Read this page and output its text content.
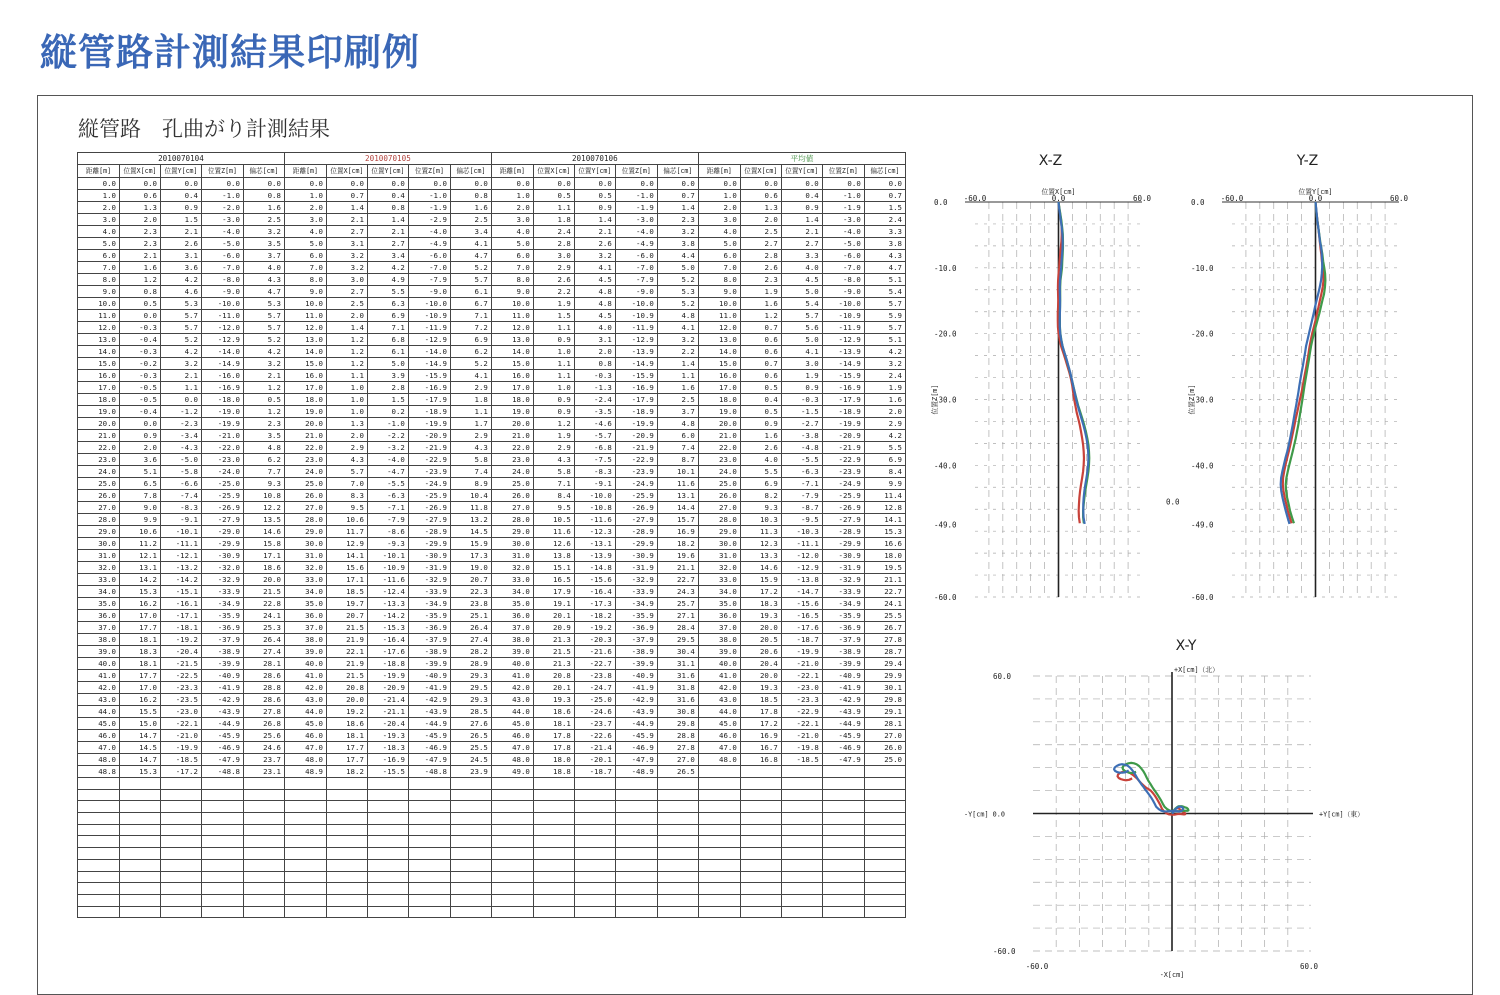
縦管路計測結果印刷例
縦管路　孔曲がり計測結果
2010070104					2010070105					2010070106					平均値				
距離[m]	位置X[cm]	位置Y[cm]	位置Z[m]	偏芯[cm]	距離[m]	位置X[cm]	位置Y[cm]	位置Z[m]	偏芯[cm]	距離[m]	位置X[cm]	位置Y[cm]	位置Z[m]	偏芯[cm]	距離[m]	位置X[cm]	位置Y[cm]	位置Z[m]	偏芯[cm]
0.0	0.0	0.0	0.0	0.0	0.0	0.0	0.0	0.0	0.0	0.0	0.0	0.0	0.0	0.0	0.0	0.0	0.0	0.0	0.0
1.0	0.6	0.4	-1.0	0.8	1.0	0.7	0.4	-1.0	0.8	1.0	0.5	0.5	-1.0	0.7	1.0	0.6	0.4	-1.0	0.7
2.0	1.3	0.9	-2.0	1.6	2.0	1.4	0.8	-1.9	1.6	2.0	1.1	0.9	-1.9	1.4	2.0	1.3	0.9	-1.9	1.5
3.0	2.0	1.5	-3.0	2.5	3.0	2.1	1.4	-2.9	2.5	3.0	1.8	1.4	-3.0	2.3	3.0	2.0	1.4	-3.0	2.4
4.0	2.3	2.1	-4.0	3.2	4.0	2.7	2.1	-4.0	3.4	4.0	2.4	2.1	-4.0	3.2	4.0	2.5	2.1	-4.0	3.3
5.0	2.3	2.6	-5.0	3.5	5.0	3.1	2.7	-4.9	4.1	5.0	2.8	2.6	-4.9	3.8	5.0	2.7	2.7	-5.0	3.8
6.0	2.1	3.1	-6.0	3.7	6.0	3.2	3.4	-6.0	4.7	6.0	3.0	3.2	-6.0	4.4	6.0	2.8	3.3	-6.0	4.3
7.0	1.6	3.6	-7.0	4.0	7.0	3.2	4.2	-7.0	5.2	7.0	2.9	4.1	-7.0	5.0	7.0	2.6	4.0	-7.0	4.7
8.0	1.2	4.2	-8.0	4.3	8.0	3.0	4.9	-7.9	5.7	8.0	2.6	4.5	-7.9	5.2	8.0	2.3	4.5	-8.0	5.1
9.0	0.8	4.6	-9.0	4.7	9.0	2.7	5.5	-9.0	6.1	9.0	2.2	4.8	-9.0	5.3	9.0	1.9	5.0	-9.0	5.4
10.0	0.5	5.3	-10.0	5.3	10.0	2.5	6.3	-10.0	6.7	10.0	1.9	4.8	-10.0	5.2	10.0	1.6	5.4	-10.0	5.7
11.0	0.0	5.7	-11.0	5.7	11.0	2.0	6.9	-10.9	7.1	11.0	1.5	4.5	-10.9	4.8	11.0	1.2	5.7	-10.9	5.9
12.0	-0.3	5.7	-12.0	5.7	12.0	1.4	7.1	-11.9	7.2	12.0	1.1	4.0	-11.9	4.1	12.0	0.7	5.6	-11.9	5.7
13.0	-0.4	5.2	-12.9	5.2	13.0	1.2	6.8	-12.9	6.9	13.0	0.9	3.1	-12.9	3.2	13.0	0.6	5.0	-12.9	5.1
14.0	-0.3	4.2	-14.0	4.2	14.0	1.2	6.1	-14.0	6.2	14.0	1.0	2.0	-13.9	2.2	14.0	0.6	4.1	-13.9	4.2
15.0	-0.2	3.2	-14.9	3.2	15.0	1.2	5.0	-14.9	5.2	15.0	1.1	0.8	-14.9	1.4	15.0	0.7	3.0	-14.9	3.2
16.0	-0.3	2.1	-16.0	2.1	16.0	1.1	3.9	-15.9	4.1	16.0	1.1	-0.3	-15.9	1.1	16.0	0.6	1.9	-15.9	2.4
17.0	-0.5	1.1	-16.9	1.2	17.0	1.0	2.8	-16.9	2.9	17.0	1.0	-1.3	-16.9	1.6	17.0	0.5	0.9	-16.9	1.9
18.0	-0.5	0.0	-18.0	0.5	18.0	1.0	1.5	-17.9	1.8	18.0	0.9	-2.4	-17.9	2.5	18.0	0.4	-0.3	-17.9	1.6
19.0	-0.4	-1.2	-19.0	1.2	19.0	1.0	0.2	-18.9	1.1	19.0	0.9	-3.5	-18.9	3.7	19.0	0.5	-1.5	-18.9	2.0
20.0	0.0	-2.3	-19.9	2.3	20.0	1.3	-1.0	-19.9	1.7	20.0	1.2	-4.6	-19.9	4.8	20.0	0.9	-2.7	-19.9	2.9
21.0	0.9	-3.4	-21.0	3.5	21.0	2.0	-2.2	-20.9	2.9	21.0	1.9	-5.7	-20.9	6.0	21.0	1.6	-3.8	-20.9	4.2
22.0	2.0	-4.3	-22.0	4.8	22.0	2.9	-3.2	-21.9	4.3	22.0	2.9	-6.8	-21.9	7.4	22.0	2.6	-4.8	-21.9	5.5
23.0	3.6	-5.0	-23.0	6.2	23.0	4.3	-4.0	-22.9	5.8	23.0	4.3	-7.5	-22.9	8.7	23.0	4.0	-5.5	-22.9	6.9
24.0	5.1	-5.8	-24.0	7.7	24.0	5.7	-4.7	-23.9	7.4	24.0	5.8	-8.3	-23.9	10.1	24.0	5.5	-6.3	-23.9	8.4
25.0	6.5	-6.6	-25.0	9.3	25.0	7.0	-5.5	-24.9	8.9	25.0	7.1	-9.1	-24.9	11.6	25.0	6.9	-7.1	-24.9	9.9
26.0	7.8	-7.4	-25.9	10.8	26.0	8.3	-6.3	-25.9	10.4	26.0	8.4	-10.0	-25.9	13.1	26.0	8.2	-7.9	-25.9	11.4
27.0	9.0	-8.3	-26.9	12.2	27.0	9.5	-7.1	-26.9	11.8	27.0	9.5	-10.8	-26.9	14.4	27.0	9.3	-8.7	-26.9	12.8
28.0	9.9	-9.1	-27.9	13.5	28.0	10.6	-7.9	-27.9	13.2	28.0	10.5	-11.6	-27.9	15.7	28.0	10.3	-9.5	-27.9	14.1
29.0	10.6	-10.1	-29.0	14.6	29.0	11.7	-8.6	-28.9	14.5	29.0	11.6	-12.3	-28.9	16.9	29.0	11.3	-10.3	-28.9	15.3
30.0	11.2	-11.1	-29.9	15.8	30.0	12.9	-9.3	-29.9	15.9	30.0	12.6	-13.1	-29.9	18.2	30.0	12.3	-11.1	-29.9	16.6
31.0	12.1	-12.1	-30.9	17.1	31.0	14.1	-10.1	-30.9	17.3	31.0	13.8	-13.9	-30.9	19.6	31.0	13.3	-12.0	-30.9	18.0
32.0	13.1	-13.2	-32.0	18.6	32.0	15.6	-10.9	-31.9	19.0	32.0	15.1	-14.8	-31.9	21.1	32.0	14.6	-12.9	-31.9	19.5
33.0	14.2	-14.2	-32.9	20.0	33.0	17.1	-11.6	-32.9	20.7	33.0	16.5	-15.6	-32.9	22.7	33.0	15.9	-13.8	-32.9	21.1
34.0	15.3	-15.1	-33.9	21.5	34.0	18.5	-12.4	-33.9	22.3	34.0	17.9	-16.4	-33.9	24.3	34.0	17.2	-14.7	-33.9	22.7
35.0	16.2	-16.1	-34.9	22.8	35.0	19.7	-13.3	-34.9	23.8	35.0	19.1	-17.3	-34.9	25.7	35.0	18.3	-15.6	-34.9	24.1
36.0	17.0	-17.1	-35.9	24.1	36.0	20.7	-14.2	-35.9	25.1	36.0	20.1	-18.2	-35.9	27.1	36.0	19.3	-16.5	-35.9	25.5
37.0	17.7	-18.1	-36.9	25.3	37.0	21.5	-15.3	-36.9	26.4	37.0	20.9	-19.2	-36.9	28.4	37.0	20.0	-17.6	-36.9	26.7
38.0	18.1	-19.2	-37.9	26.4	38.0	21.9	-16.4	-37.9	27.4	38.0	21.3	-20.3	-37.9	29.5	38.0	20.5	-18.7	-37.9	27.8
39.0	18.3	-20.4	-38.9	27.4	39.0	22.1	-17.6	-38.9	28.2	39.0	21.5	-21.6	-38.9	30.4	39.0	20.6	-19.9	-38.9	28.7
40.0	18.1	-21.5	-39.9	28.1	40.0	21.9	-18.8	-39.9	28.9	40.0	21.3	-22.7	-39.9	31.1	40.0	20.4	-21.0	-39.9	29.4
41.0	17.7	-22.5	-40.9	28.6	41.0	21.5	-19.9	-40.9	29.3	41.0	20.8	-23.8	-40.9	31.6	41.0	20.0	-22.1	-40.9	29.9
42.0	17.0	-23.3	-41.9	28.8	42.0	20.8	-20.9	-41.9	29.5	42.0	20.1	-24.7	-41.9	31.8	42.0	19.3	-23.0	-41.9	30.1
43.0	16.2	-23.5	-42.9	28.6	43.0	20.0	-21.4	-42.9	29.3	43.0	19.3	-25.0	-42.9	31.6	43.0	18.5	-23.3	-42.9	29.8
44.0	15.5	-23.0	-43.9	27.8	44.0	19.2	-21.1	-43.9	28.5	44.0	18.6	-24.6	-43.9	30.8	44.0	17.8	-22.9	-43.9	29.1
45.0	15.0	-22.1	-44.9	26.8	45.0	18.6	-20.4	-44.9	27.6	45.0	18.1	-23.7	-44.9	29.8	45.0	17.2	-22.1	-44.9	28.1
46.0	14.7	-21.0	-45.9	25.6	46.0	18.1	-19.3	-45.9	26.5	46.0	17.8	-22.6	-45.9	28.8	46.0	16.9	-21.0	-45.9	27.0
47.0	14.5	-19.9	-46.9	24.6	47.0	17.7	-18.3	-46.9	25.5	47.0	17.8	-21.4	-46.9	27.8	47.0	16.7	-19.8	-46.9	26.0
48.0	14.7	-18.5	-47.9	23.7	48.0	17.7	-16.9	-47.9	24.5	48.0	18.0	-20.1	-47.9	27.0	48.0	16.8	-18.5	-47.9	25.0
48.8	15.3	-17.2	-48.8	23.1	48.9	18.2	-15.5	-48.8	23.9	49.0	18.8	-18.7	-48.9	26.5					

X-Z
位置X[cm]
-60.0	0.0	60.0
0.0
-10.0
-20.0
-30.0
-40.0
-49.0
-60.0
位置Z[m]
Y-Z
位置Y[cm]
-60.0	0.0	60.0
0.0
-10.0
-20.0
-30.0
-40.0
-49.0
-60.0
位置Z[m]
0.0
X-Y
+X[cm]（北）
-X[cm]
-Y[cm] 0.0	+Y[cm]（東）
60.0
-60.0
-60.0	60.0
